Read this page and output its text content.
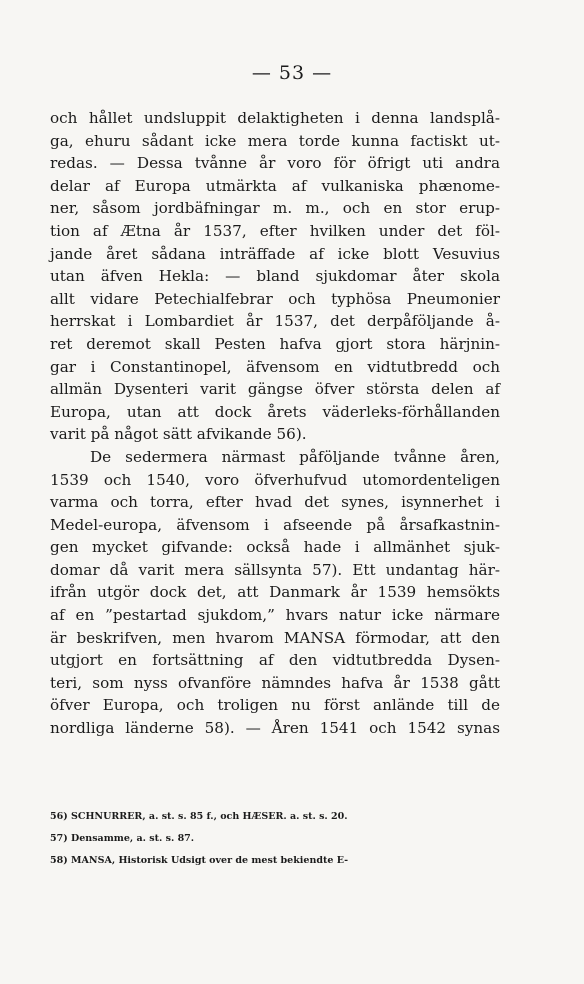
— 53 —
och hållet undsluppit delaktigheten i denna landsplå-
ga, ehuru sådant icke mera torde kunna factiskt ut-
redas. — Dessa tvånne år voro för öfrigt uti andra
delar af Europa utmärkta af vulkaniska phænome-
ner, såsom jordbäfningar m. m., och en stor erup-
tion af Ætna år 1537, efter hvilken under det föl-
jande året sådana inträffade af icke blott Vesuvius
utan äfven Hekla: — bland sjukdomar åter skola
allt vidare Petechialfebrar och typhösa Pneumonier
herrskat i Lombardiet år 1537, det derpåföljande å-
ret deremot skall Pesten hafva gjort stora härjnin-
gar i Constantinopel, äfvensom en vidtutbredd och
allmän Dysenteri varit gängse öfver största delen af
Europa, utan att dock årets väderleks-förhållanden
varit på något sätt afvikande 56).
De sedermera närmast påföljande tvånne åren,
1539 och 1540, voro öfverhufvud utomordenteligen
varma och torra, efter hvad det synes, isynnerhet i
Medel-europa, äfvensom i afseende på årsafkastnin-
gen mycket gifvande: också hade i allmänhet sjuk-
domar då varit mera sällsynta 57). Ett undantag här-
ifrån utgör dock det, att Danmark år 1539 hemsökts
af en ”pestartad sjukdom,” hvars natur icke närmare
är beskrifven, men hvarom MANSA förmodar, att den
utgjort en fortsättning af den vidtutbredda Dysen-
teri, som nyss ofvanföre nämndes hafva år 1538 gått
öfver Europa, och troligen nu först anlände till de
nordliga länderne 58). — Åren 1541 och 1542 synas
56) SCHNURRER, a. st. s. 85 f., och HÆSER. a. st. s. 20.
57) Densamme, a. st. s. 87.
58) MANSA, Historisk Udsigt over de mest bekiendte E-
